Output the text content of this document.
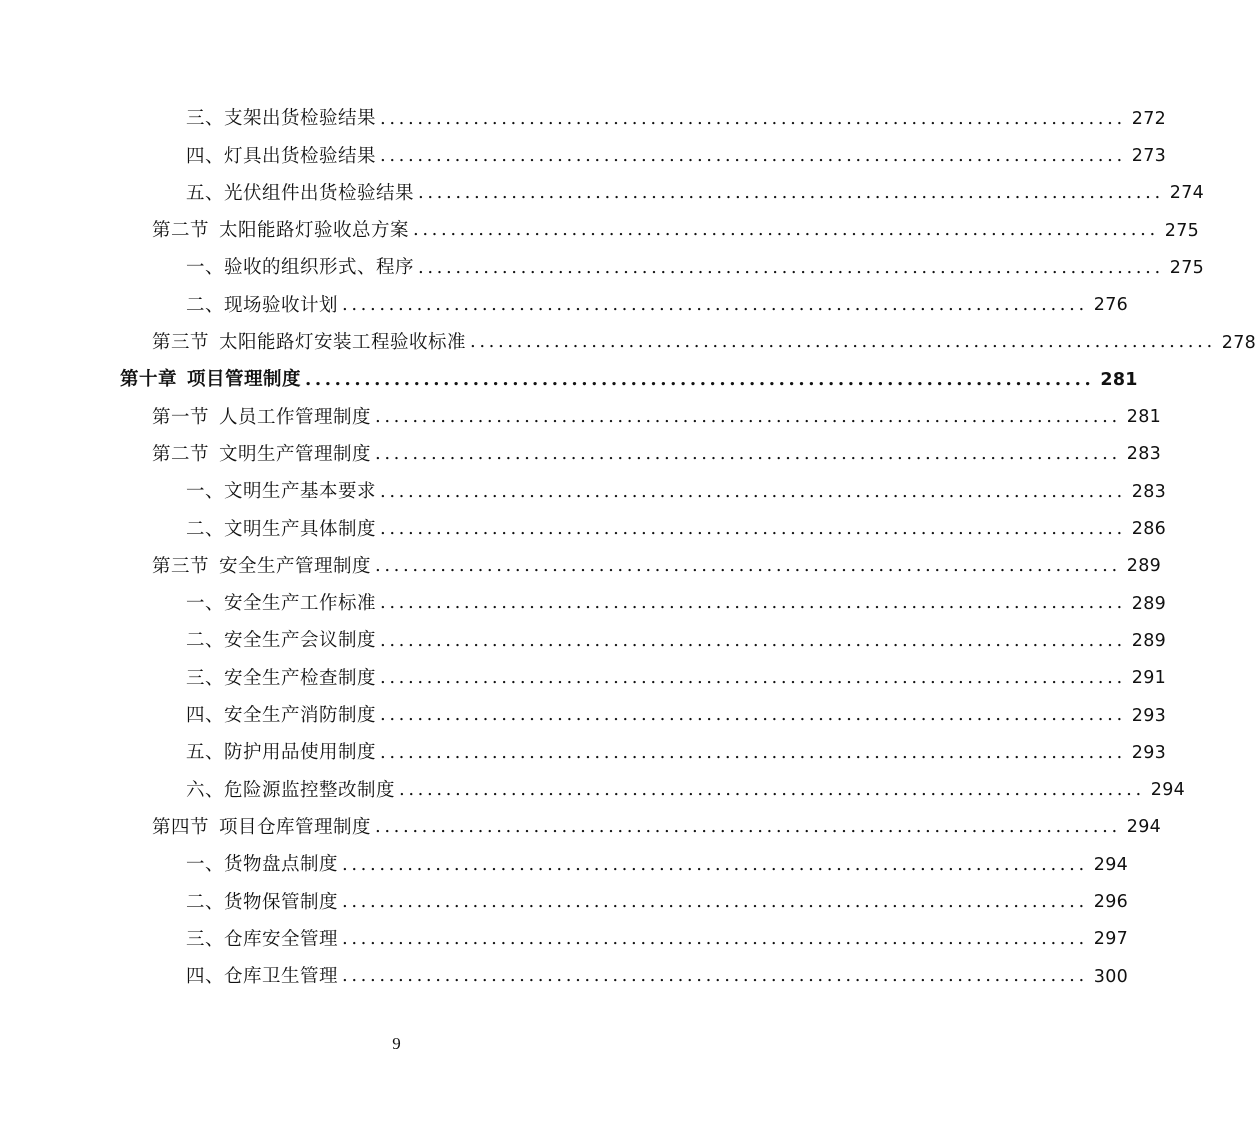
三、支架出货检验结果 ................................................................................ 272
四、灯具出货检验结果 ................................................................................ 273
五、光伏组件出货检验结果 ................................................................................ 274
第二节 太阳能路灯验收总方案 ................................................................................ 275
一、验收的组织形式、程序 ................................................................................ 275
二、现场验收计划 ................................................................................ 276
第三节 太阳能路灯安装工程验收标准 ................................................................................ 278
第十章 项目管理制度 ................................................................................ 281
第一节 人员工作管理制度 ................................................................................ 281
第二节 文明生产管理制度 ................................................................................ 283
一、文明生产基本要求 ................................................................................ 283
二、文明生产具体制度 ................................................................................ 286
第三节 安全生产管理制度 ................................................................................ 289
一、安全生产工作标准 ................................................................................ 289
二、安全生产会议制度 ................................................................................ 289
三、安全生产检查制度 ................................................................................ 291
四、安全生产消防制度 ................................................................................ 293
五、防护用品使用制度 ................................................................................ 293
六、危险源监控整改制度 ................................................................................ 294
第四节 项目仓库管理制度 ................................................................................ 294
一、货物盘点制度 ................................................................................ 294
二、货物保管制度 ................................................................................ 296
三、仓库安全管理 ................................................................................ 297
四、仓库卫生管理 ................................................................................ 300
9
